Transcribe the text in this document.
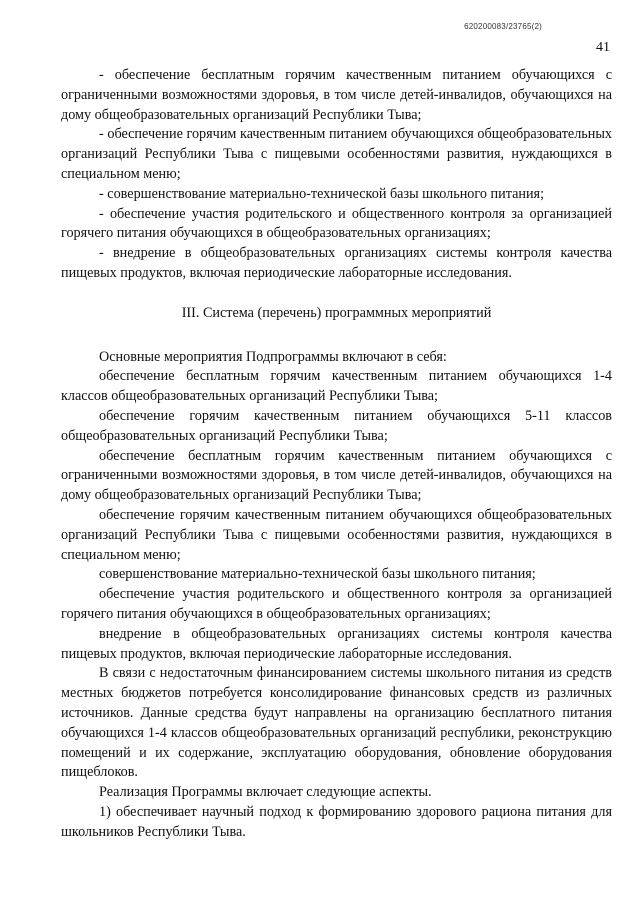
620200083/23765(2)
41

- обеспечение бесплатным горячим качественным питанием обучающихся с ограниченными возможностями здоровья, в том числе детей-инвалидов, обучающихся на дому общеобразовательных организаций Республики Тыва;

- обеспечение горячим качественным питанием обучающихся общеобразовательных организаций Республики Тыва с пищевыми особенностями развития, нуждающихся в специальном меню;

- совершенствование материально-технической базы школьного питания;

- обеспечение участия родительского и общественного контроля за организацией горячего питания обучающихся в общеобразовательных организациях;

- внедрение в общеобразовательных организациях системы контроля качества пищевых продуктов, включая периодические лабораторные исследования.

III. Система (перечень) программных мероприятий

Основные мероприятия Подпрограммы включают в себя:

обеспечение бесплатным горячим качественным питанием обучающихся 1-4 классов общеобразовательных организаций Республики Тыва;

обеспечение горячим качественным питанием обучающихся 5-11 классов общеобразовательных организаций Республики Тыва;

обеспечение бесплатным горячим качественным питанием обучающихся с ограниченными возможностями здоровья, в том числе детей-инвалидов, обучающихся на дому общеобразовательных организаций Республики Тыва;

обеспечение горячим качественным питанием обучающихся общеобразовательных организаций Республики Тыва с пищевыми особенностями развития, нуждающихся в специальном меню;

совершенствование материально-технической базы школьного питания;

обеспечение участия родительского и общественного контроля за организацией горячего питания обучающихся в общеобразовательных организациях;

внедрение в общеобразовательных организациях системы контроля качества пищевых продуктов, включая периодические лабораторные исследования.

В связи с недостаточным финансированием системы школьного питания из средств местных бюджетов потребуется консолидирование финансовых средств из различных источников. Данные средства будут направлены на организацию бесплатного питания обучающихся 1-4 классов общеобразовательных организаций республики, реконструкцию помещений и их содержание, эксплуатацию оборудования, обновление оборудования пищеблоков.

Реализация Программы включает следующие аспекты.

1) обеспечивает научный подход к формированию здорового рациона питания для школьников Республики Тыва.
